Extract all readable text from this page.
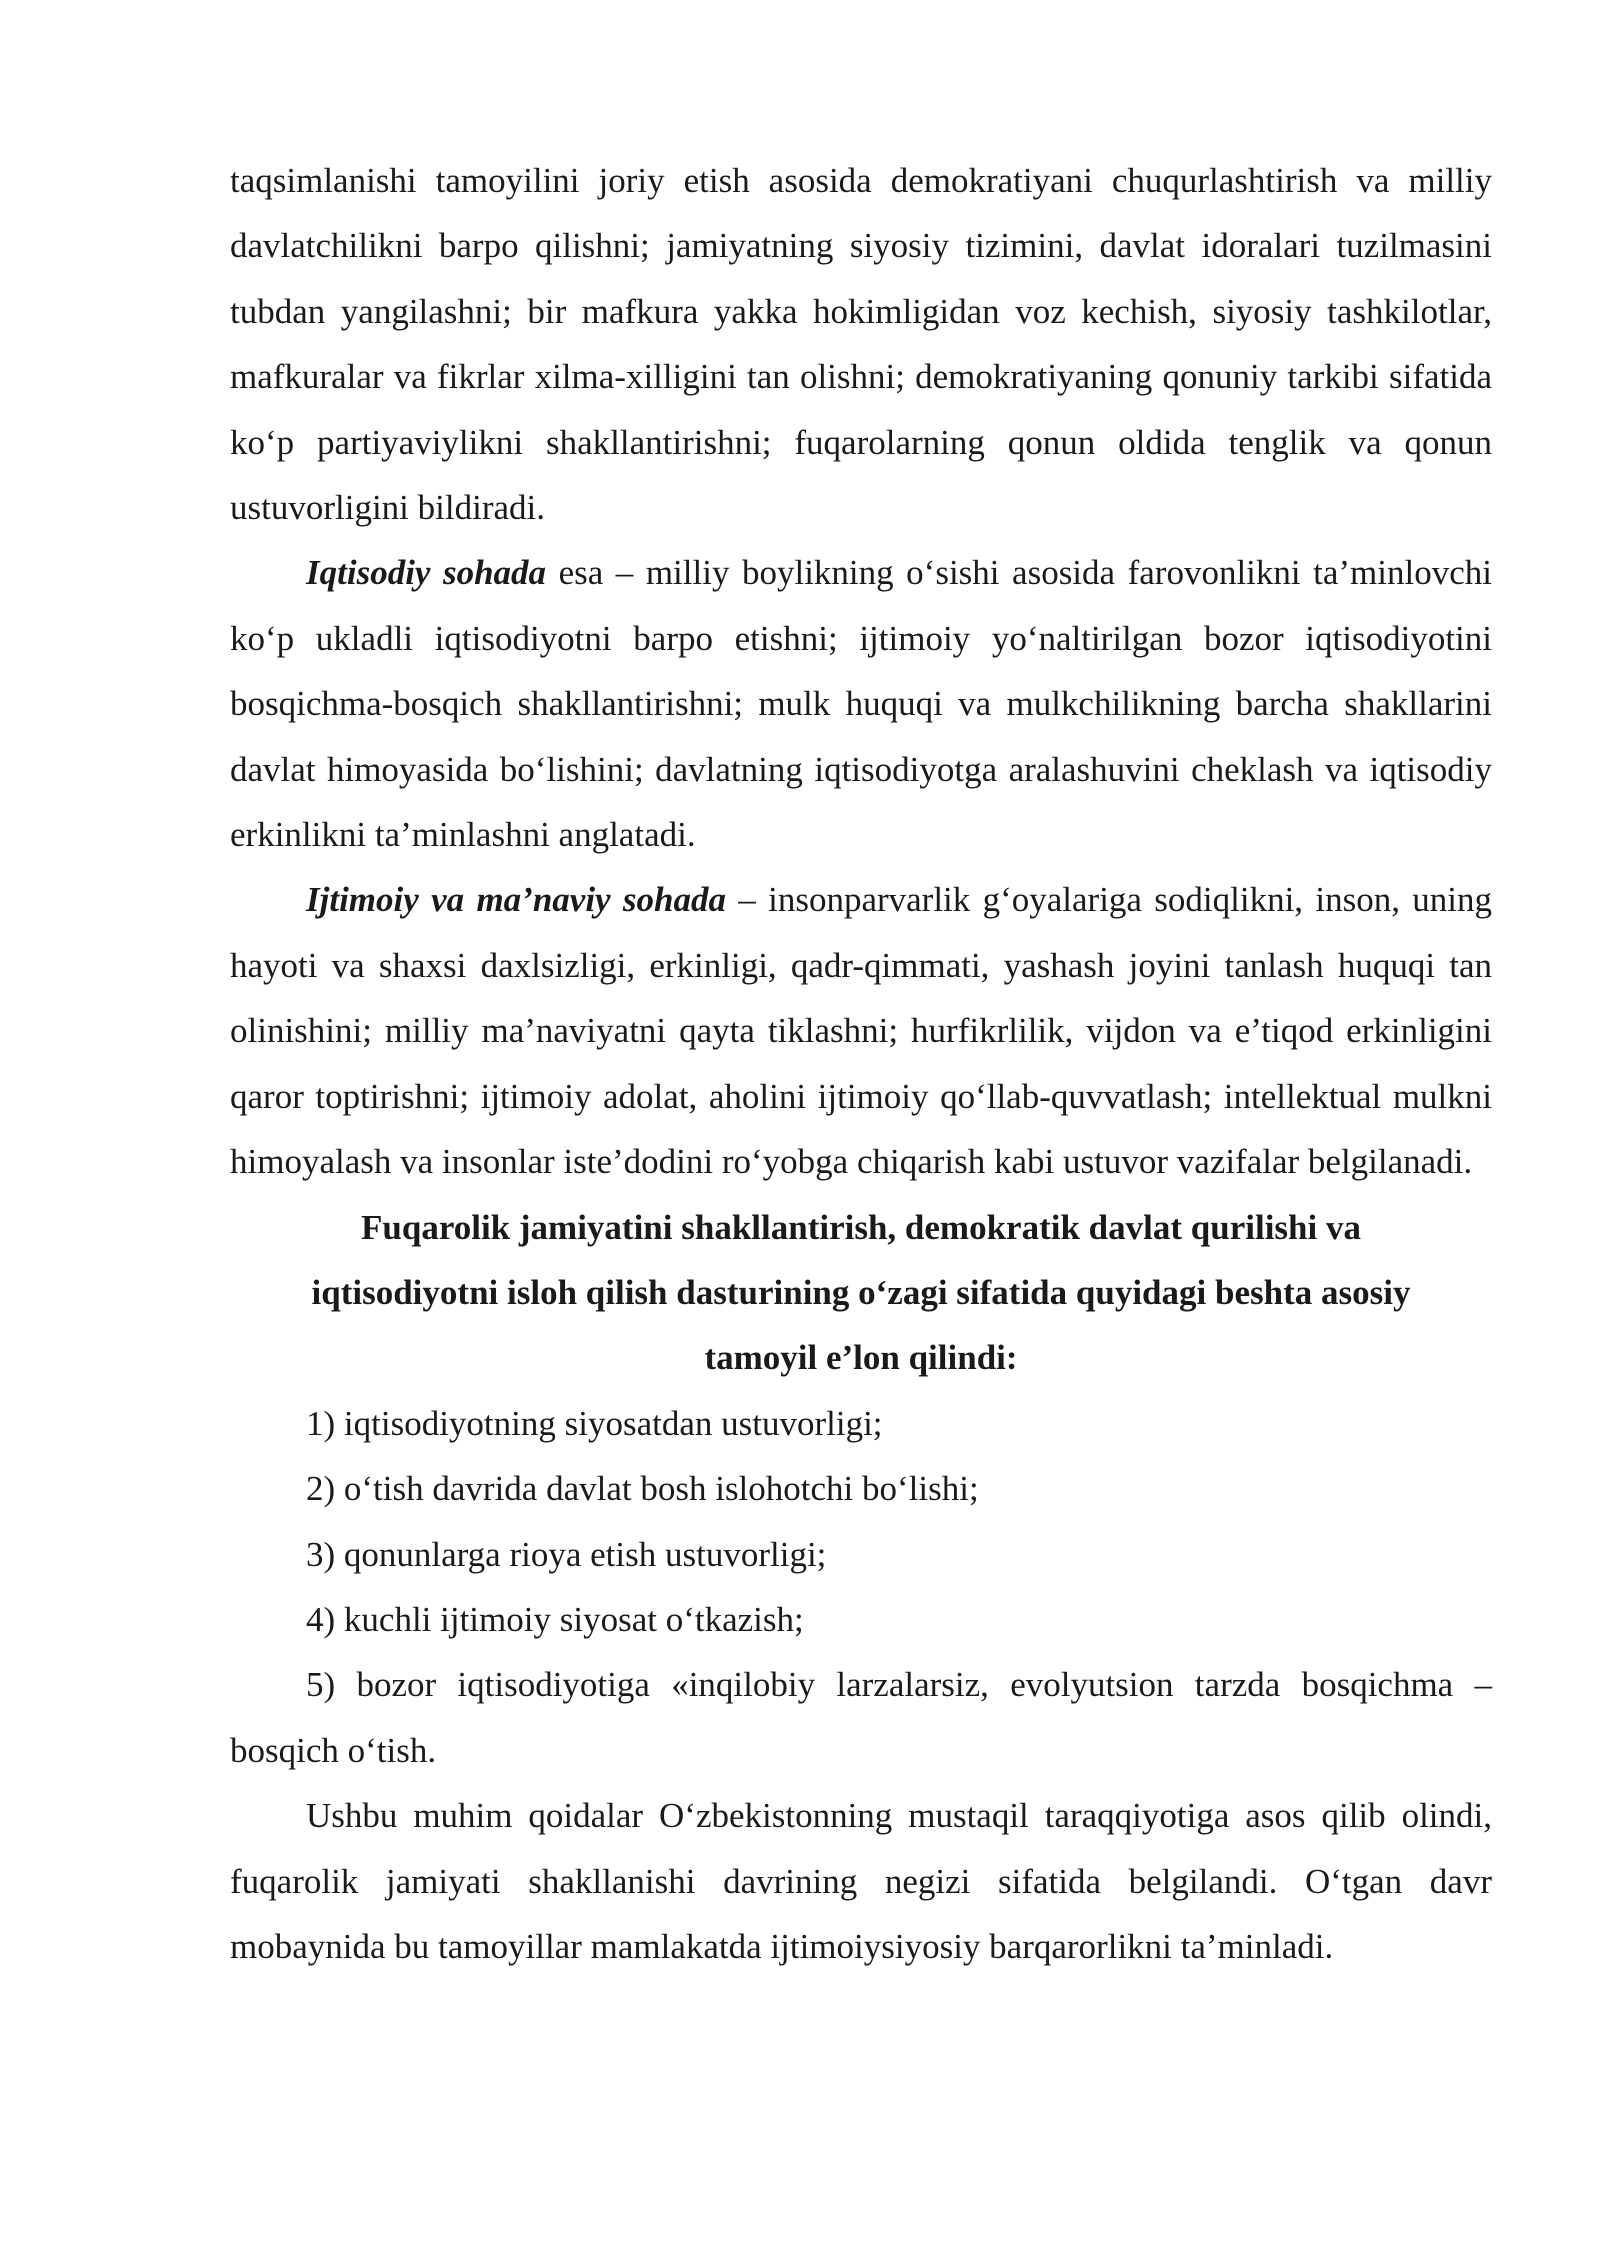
taqsimlanishi tamoyilini joriy etish asosida demokratiyani chuqurlashtirish va milliy davlatchilikni barpo qilishni; jamiyatning siyosiy tizimini, davlat idoralari tuzilmasini tubdan yangilashni; bir mafkura yakka hokimligidan voz kechish, siyosiy tashkilotlar, mafkuralar va fikrlar xilma-xilligini tan olishni; demokratiyaning qonuniy tarkibi sifatida ko‘p partiyaviylikni shakllantirishni; fuqarolarning qonun oldida tenglik va qonun ustuvorligini bildiradi.

Iqtisodiy sohada esa – milliy boylikning o‘sishi asosida farovonlikni ta’minlovchi ko‘p ukladli iqtisodiyotni barpo etishni; ijtimoiy yo‘naltirilgan bozor iqtisodiyotini bosqichma-bosqich shakllantirishni; mulk huquqi va mulkchilikning barcha shakllarini davlat himoyasida bo‘lishini; davlatning iqtisodiyotga aralashuvini cheklash va iqtisodiy erkinlikni ta’minlashni anglatadi.

Ijtimoiy va ma’naviy sohada – insonparvarlik g‘oyalariga sodiqlikni, inson, uning hayoti va shaxsi daxlsizligi, erkinligi, qadr-qimmati, yashash joyini tanlash huquqi tan olinishini; milliy ma’naviyatni qayta tiklashni; hurfikrlilik, vijdon va e’tiqod erkinligini qaror toptirishni; ijtimoiy adolat, aholini ijtimoiy qo‘llab-quvvatlash; intellektual mulkni himoyalash va insonlar iste’dodini ro‘yobga chiqarish kabi ustuvor vazifalar belgilanadi.

Fuqarolik jamiyatini shakllantirish, demokratik davlat qurilishi va iqtisodiyotni isloh qilish dasturining o‘zagi sifatida quyidagi beshta asosiy tamoyil e’lon qilindi:

1) iqtisodiyotning siyosatdan ustuvorligi;
2) o‘tish davrida davlat bosh islohotchi bo‘lishi;
3) qonunlarga rioya etish ustuvorligi;
4) kuchli ijtimoiy siyosat o‘tkazish;
5) bozor iqtisodiyotiga «inqilobiy larzalarsiz, evolyutsion tarzda bosqichma – bosqich o‘tish.

Ushbu muhim qoidalar O‘zbekistonning mustaqil taraqqiyotiga asos qilib olindi, fuqarolik jamiyati shakllanishi davrining negizi sifatida belgilandi. O‘tgan davr mobaynida bu tamoyillar mamlakatda ijtimoiysiyosiy barqarorlikni ta’minladi.
